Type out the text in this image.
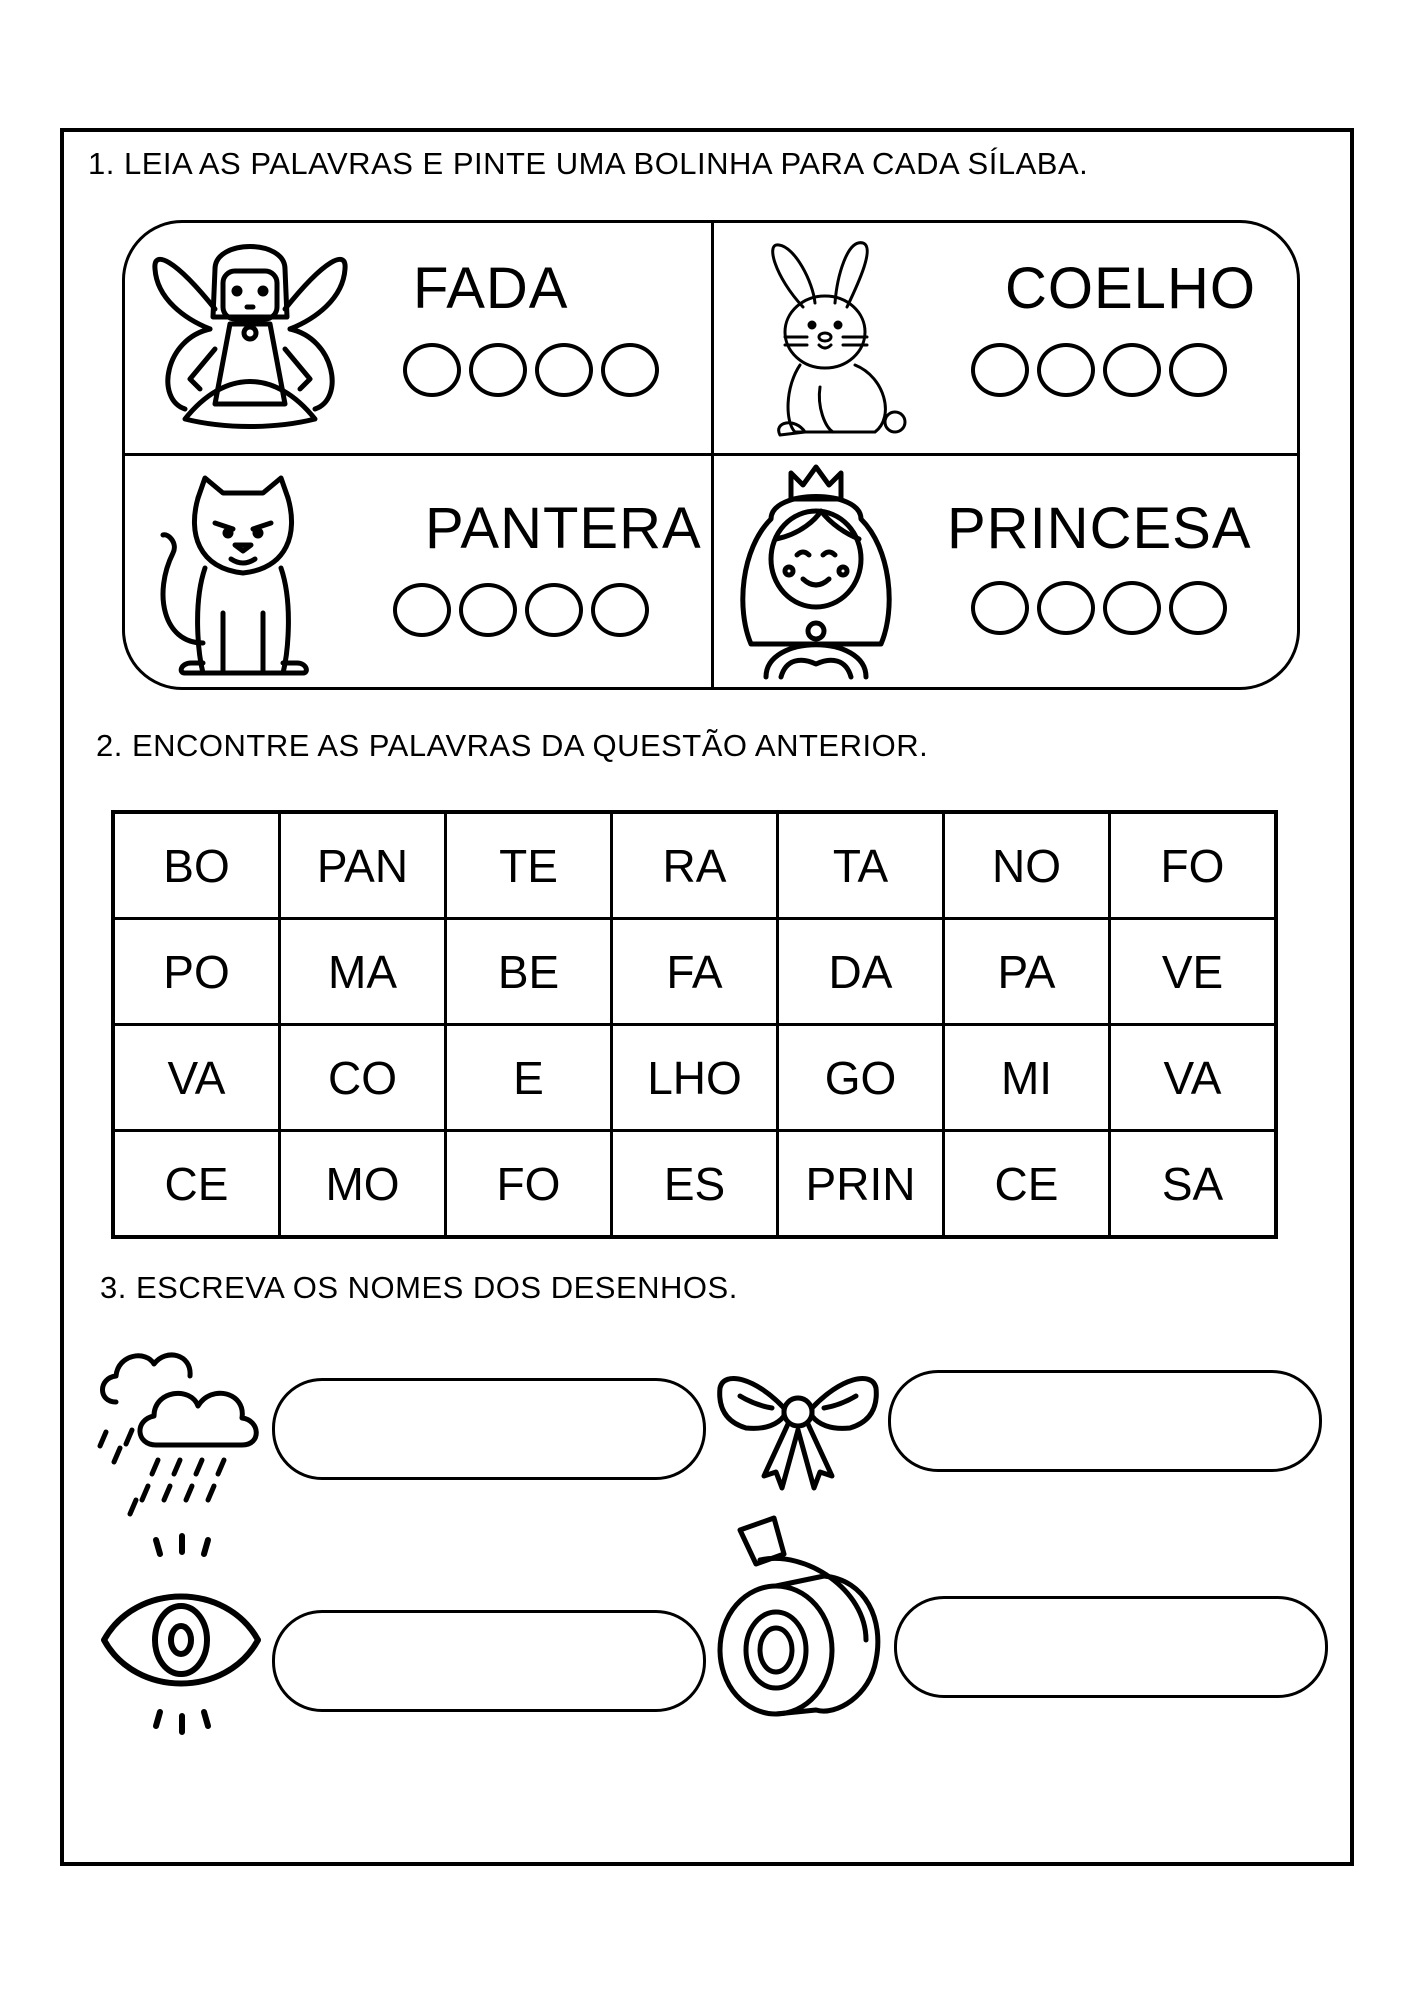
1. LEIA AS PALAVRAS E PINTE UMA BOLINHA PARA CADA SÍLABA.
FADA	COELHO
PANTERA	PRINCESA
2. ENCONTRE AS PALAVRAS DA QUESTÃO ANTERIOR.
BO	PAN	TE	RA	TA	NO	FO
PO	MA	BE	FA	DA	PA	VE
VA	CO	E	LHO	GO	MI	VA
CE	MO	FO	ES	PRIN	CE	SA
3. ESCREVA OS NOMES DOS DESENHOS.
